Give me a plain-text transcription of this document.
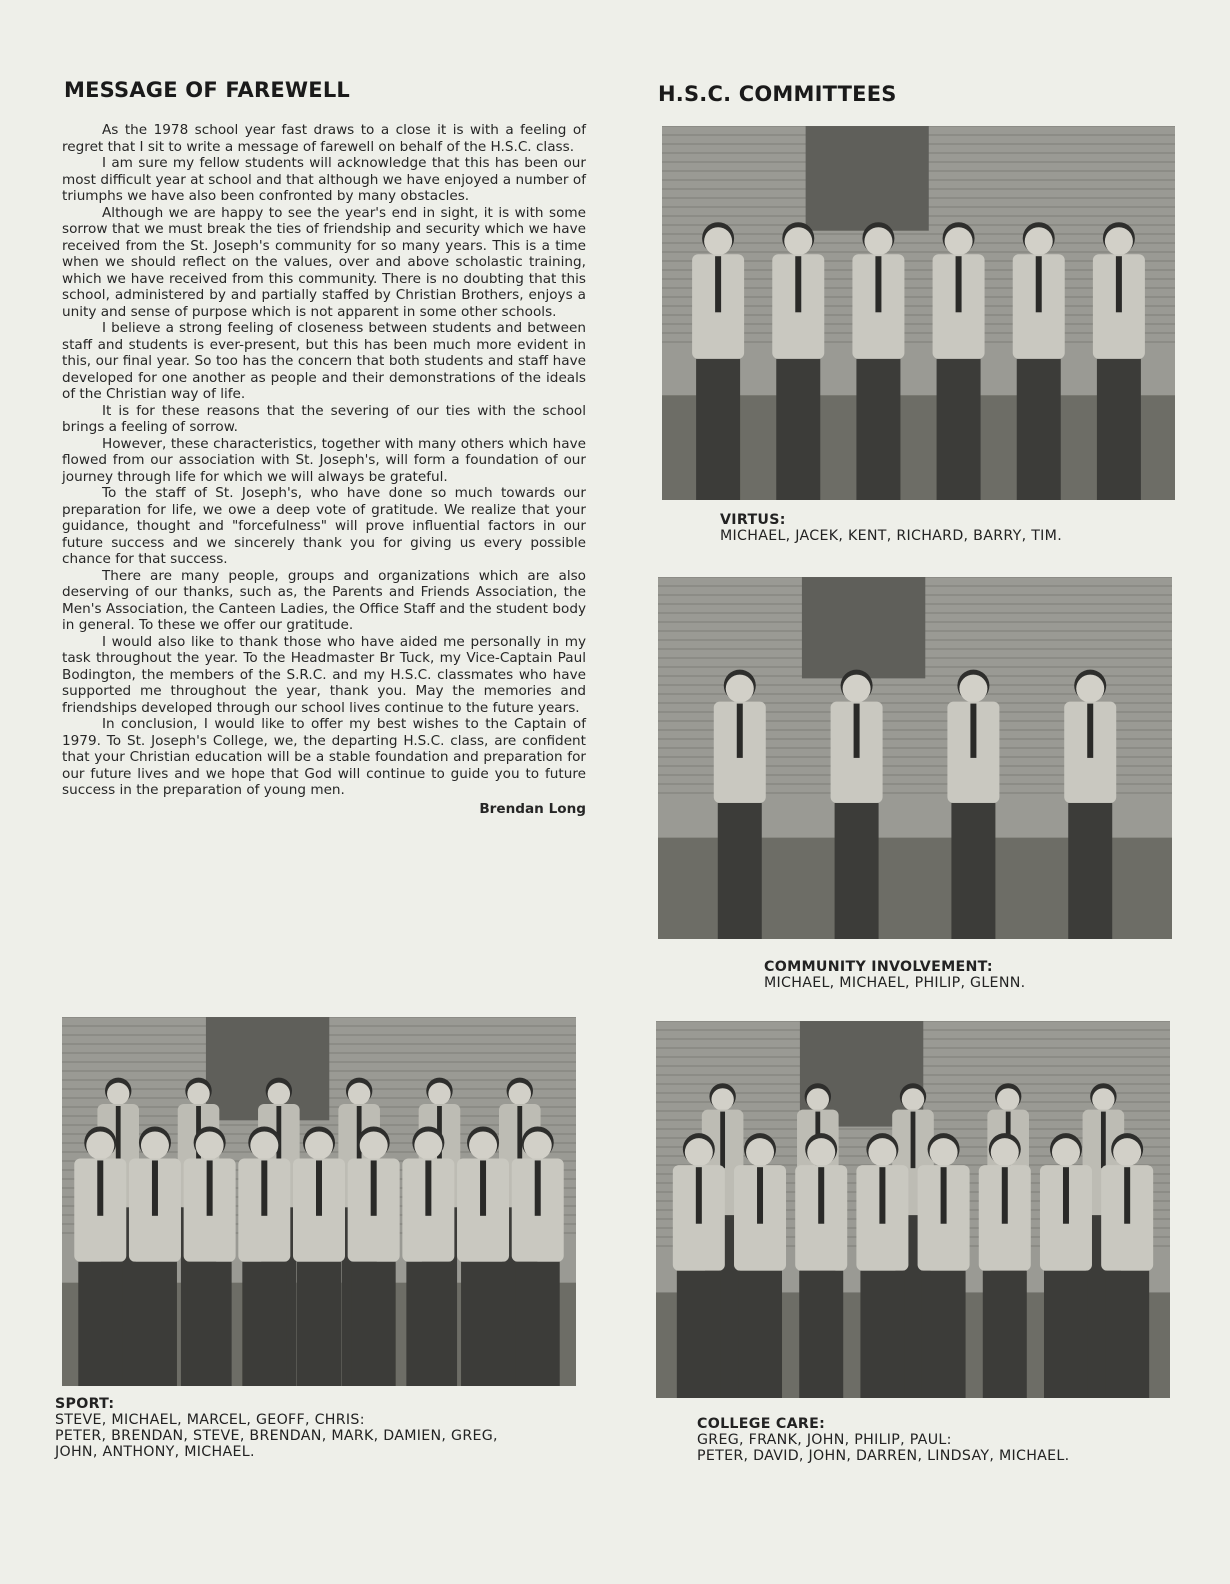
MESSAGE OF FAREWELL	H.S.C. COMMITTEES

As the 1978 school year fast draws to a close it is with a feeling of regret that I sit to write a message of farewell on behalf of the H.S.C. class.

I am sure my fellow students will acknowledge that this has been our most difficult year at school and that although we have enjoyed a number of triumphs we have also been confronted by many obstacles.

Although we are happy to see the year's end in sight, it is with some sorrow that we must break the ties of friendship and security which we have received from the St. Joseph's community for so many years. This is a time when we should reflect on the values, over and above scholastic training, which we have received from this community. There is no doubting that this school, administered by and partially staffed by Christian Brothers, enjoys a unity and sense of purpose which is not apparent in some other schools.

I believe a strong feeling of closeness between students and between staff and students is ever-present, but this has been much more evident in this, our final year. So too has the concern that both students and staff have developed for one another as people and their demonstrations of the ideals of the Christian way of life.

It is for these reasons that the severing of our ties with the school brings a feeling of sorrow.

However, these characteristics, together with many others which have flowed from our association with St. Joseph's, will form a foundation of our journey through life for which we will always be grateful.

To the staff of St. Joseph's, who have done so much towards our preparation for life, we owe a deep vote of gratitude. We realize that your guidance, thought and "forcefulness" will prove influential factors in our future success and we sincerely thank you for giving us every possible chance for that success.

There are many people, groups and organizations which are also deserving of our thanks, such as, the Parents and Friends Association, the Men's Association, the Canteen Ladies, the Office Staff and the student body in general. To these we offer our gratitude.

I would also like to thank those who have aided me personally in my task throughout the year. To the Headmaster Br Tuck, my Vice-Captain Paul Bodington, the members of the S.R.C. and my H.S.C. classmates who have supported me throughout the year, thank you. May the memories and friendships developed through our school lives continue to the future years.

In conclusion, I would like to offer my best wishes to the Captain of 1979. To St. Joseph's College, we, the departing H.S.C. class, are confident that your Christian education will be a stable foundation and preparation for our future lives and we hope that God will continue to guide you to future success in the preparation of young men.

Brendan Long
VIRTUS:
MICHAEL, JACEK, KENT, RICHARD, BARRY, TIM.
COMMUNITY INVOLVEMENT:
MICHAEL, MICHAEL, PHILIP, GLENN.
SPORT:
STEVE, MICHAEL, MARCEL, GEOFF, CHRIS:
PETER, BRENDAN, STEVE, BRENDAN, MARK, DAMIEN, GREG,
JOHN, ANTHONY, MICHAEL.
COLLEGE CARE:
GREG, FRANK, JOHN, PHILIP, PAUL:
PETER, DAVID, JOHN, DARREN, LINDSAY, MICHAEL.
